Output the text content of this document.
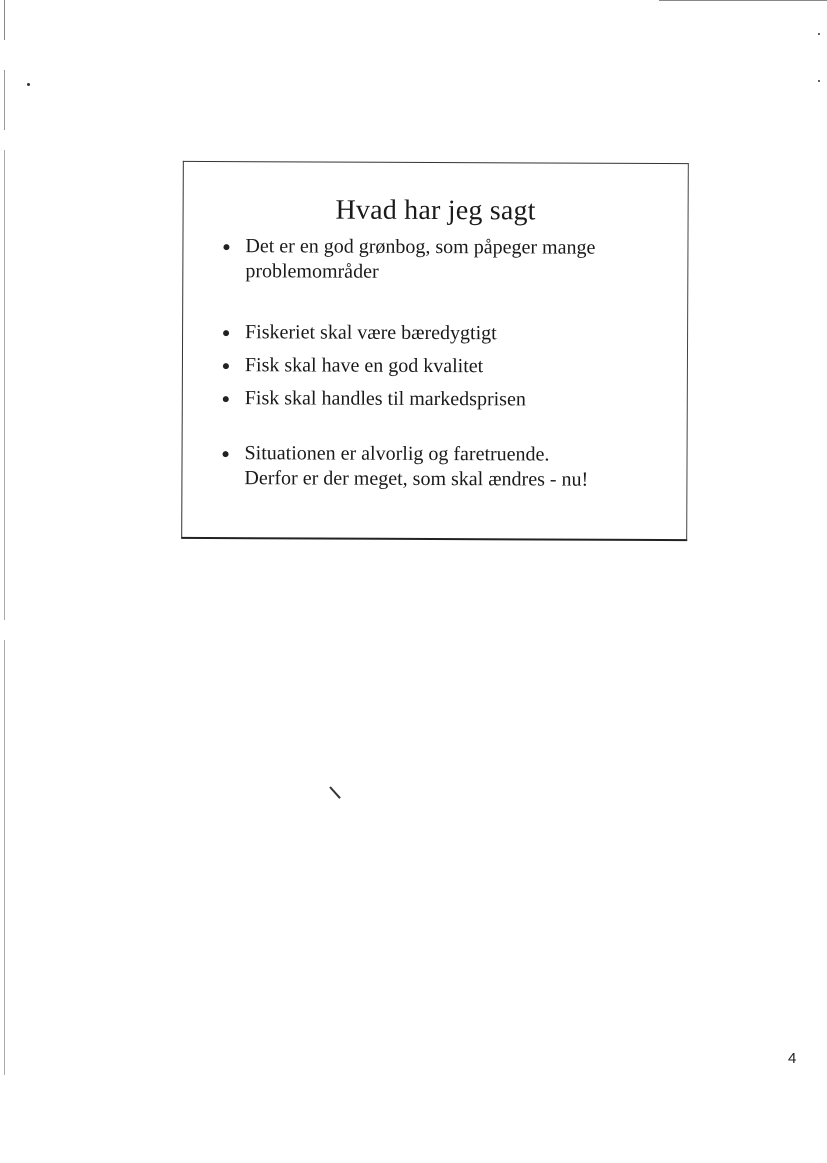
Hvad har jeg sagt
Det er en god grønbog, som påpeger mange
problemområder
Fiskeriet skal være bæredygtigt
Fisk skal have en god kvalitet
Fisk skal handles til markedsprisen
Situationen er alvorlig og faretruende.
Derfor er der meget, som skal ændres - nu!
4
